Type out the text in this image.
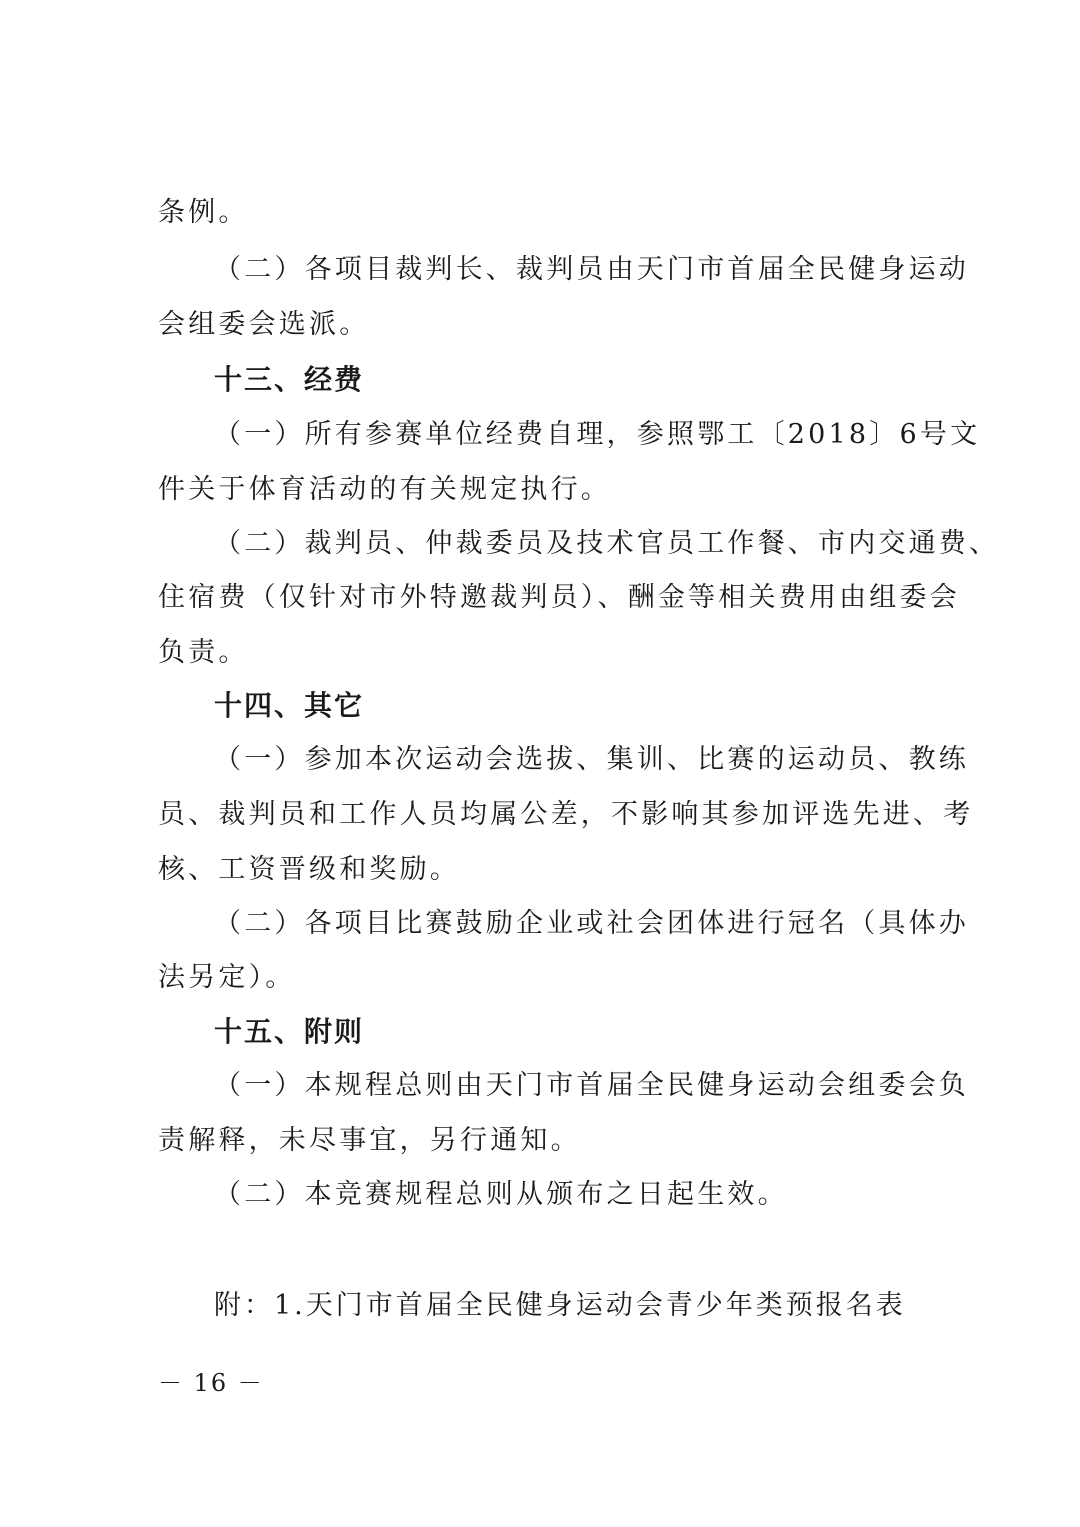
条例。
（二）各项目裁判长、裁判员由天门市首届全民健身运动
会组委会选派。
十三、经费
（一）所有参赛单位经费自理，参照鄂工〔2018〕6号文
件关于体育活动的有关规定执行。
（二）裁判员、仲裁委员及技术官员工作餐、市内交通费、
住宿费（仅针对市外特邀裁判员）、酬金等相关费用由组委会
负责。
十四、其它
（一）参加本次运动会选拔、集训、比赛的运动员、教练
员、裁判员和工作人员均属公差，不影响其参加评选先进、考
核、工资晋级和奖励。
（二）各项目比赛鼓励企业或社会团体进行冠名（具体办
法另定）。
十五、附则
（一）本规程总则由天门市首届全民健身运动会组委会负
责解释，未尽事宜，另行通知。
（二）本竞赛规程总则从颁布之日起生效。
附：1.天门市首届全民健身运动会青少年类预报名表
－ 16 －
